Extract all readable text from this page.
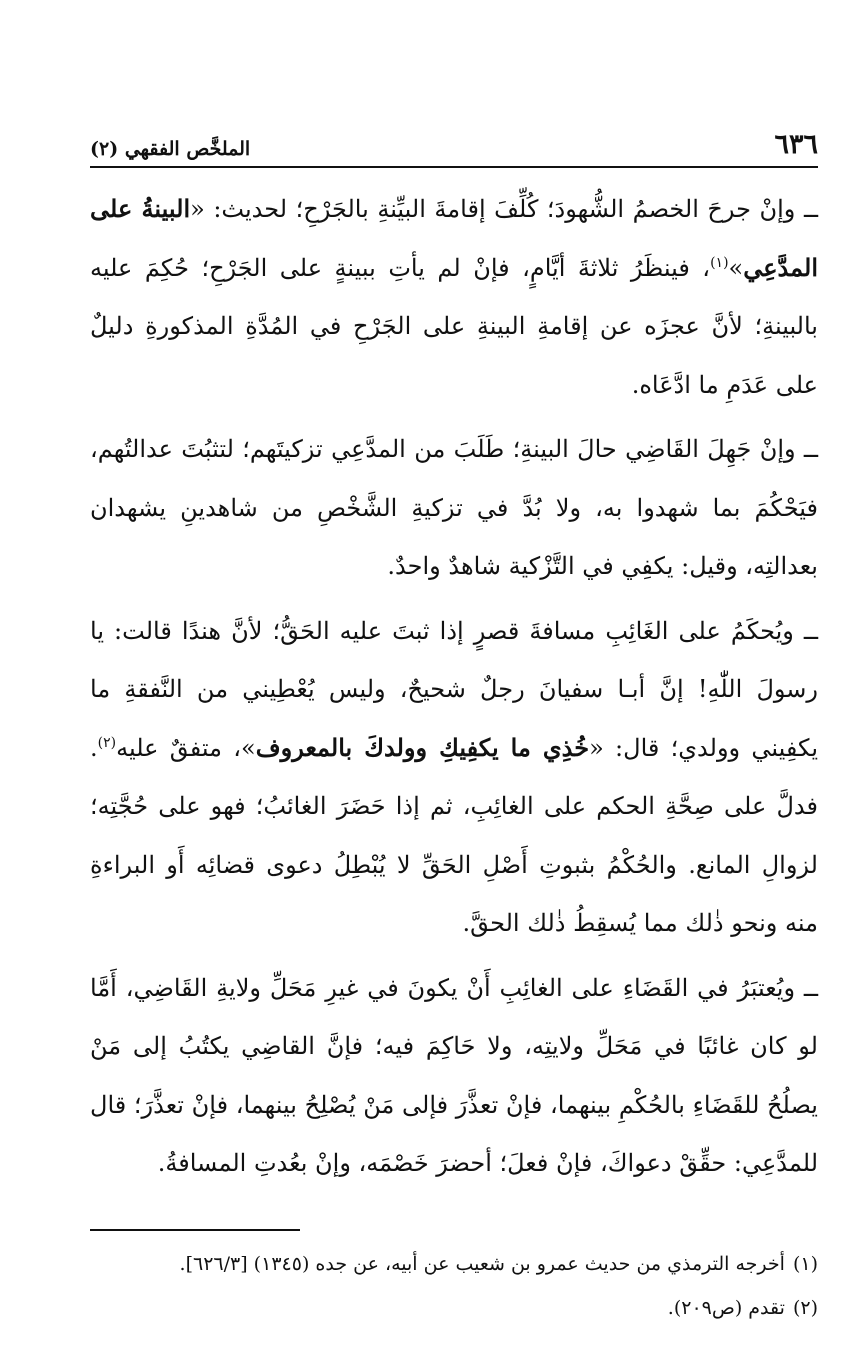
٦٣٦
الملخَّص الفقهي (٢)

ــ وإنْ جرحَ الخصمُ الشُّهودَ؛ كُلِّفَ إقامةَ البيِّنةِ بالجَرْحِ؛ لحديث: «البينةُ على المدَّعِي»$^{(١)}$، فينظَرُ ثلاثةَ أيَّامٍ، فإنْ لم يأتِ ببينةٍ على الجَرْحِ؛ حُكِمَ عليه بالبينةِ؛ لأنَّ عجزَه عن إقامةِ البينةِ على الجَرْحِ في المُدَّةِ المذكورةِ دليلٌ على عَدَمِ ما ادَّعَاه.

ــ وإنْ جَهِلَ القَاضِي حالَ البينةِ؛ طَلَبَ من المدَّعِي تزكيتَهم؛ لتثبُتَ عدالتُهم، فيَحْكُمَ بما شهدوا به، ولا بُدَّ في تزكيةِ الشَّخْصِ من شاهدينِ يشهدان بعدالتِه، وقيل: يكفِي في التَّزْكية شاهدٌ واحدٌ.

ــ ويُحكَمُ على الغَائِبِ مسافةَ قصرٍ إذا ثبتَ عليه الحَقُّ؛ لأنَّ هندًا قالت: يا رسولَ اللّٰهِ! إنَّ أبـا سفيانَ رجلٌ شحيحٌ، وليس يُعْطِيني من النَّفقةِ ما يكفِيني وولدي؛ قال: «خُذِي ما يكفِيكِ وولدكَ بالمعروف»، متفقٌ عليه$^{(٢)}$. فدلَّ على صِحَّةِ الحكم على الغائِبِ، ثم إذا حَضَرَ الغائبُ؛ فهو على حُجَّتِه؛ لزوالِ المانع. والحُكْمُ بثبوتِ أَصْلِ الحَقِّ لا يُبْطِلُ دعوى قضائِه أَو البراءةِ منه ونحو ذٰلك مما يُسقِطُ ذٰلك الحقَّ.

ــ ويُعتبَرُ في القَضَاءِ على الغائِبِ أَنْ يكونَ في غيرِ مَحَلِّ ولايةِ القَاضِي، أَمَّا لو كان غائبًا في مَحَلِّ ولايتِه، ولا حَاكِمَ فيه؛ فإنَّ القاضِي يكتُبُ إلى مَنْ يصلُحُ للقَضَاءِ بالحُكْمِ بينهما، فإنْ تعذَّرَ فإلى مَنْ يُصْلِحُ بينهما، فإنْ تعذَّرَ؛ قال للمدَّعِي: حقِّقْ دعواكَ، فإنْ فعلَ؛ أحضرَ خَصْمَه، وإنْ بعُدتِ المسافةُ.

(١)أخرجه الترمذي من حديث عمرو بن شعيب عن أبيه، عن جده (١٣٤٥) [٦٢٦/٣].

(٢)تقدم (ص٢٠٩).
